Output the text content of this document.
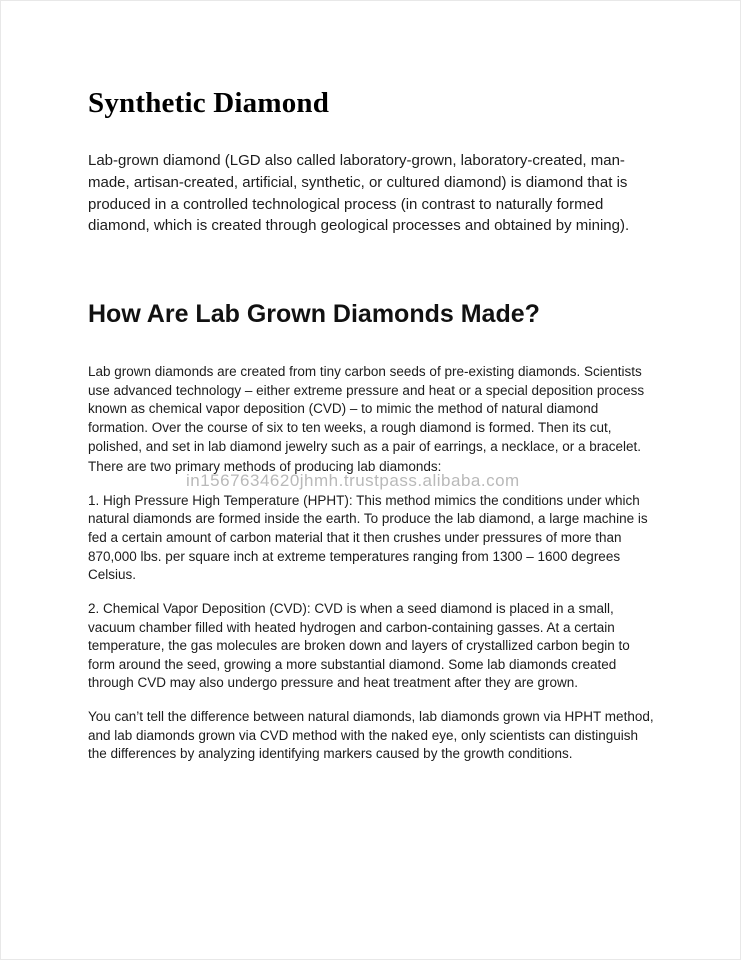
Synthetic Diamond

Lab-grown diamond (LGD also called laboratory-grown, laboratory-created, man-made, artisan-created, artificial, synthetic, or cultured diamond) is diamond that is produced in a controlled technological process (in contrast to naturally formed diamond, which is created through geological processes and obtained by mining).

How Are Lab Grown Diamonds Made?

Lab grown diamonds are created from tiny carbon seeds of pre-existing diamonds. Scientists use advanced technology – either extreme pressure and heat or a special deposition process known as chemical vapor deposition (CVD) – to mimic the method of natural diamond formation. Over the course of six to ten weeks, a rough diamond is formed. Then its cut, polished, and set in lab diamond jewelry such as a pair of earrings, a necklace, or a bracelet.

There are two primary methods of producing lab diamonds:

1. High Pressure High Temperature (HPHT): This method mimics the conditions under which natural diamonds are formed inside the earth. To produce the lab diamond, a large machine is fed a certain amount of carbon material that it then crushes under pressures of more than 870,000 lbs. per square inch at extreme temperatures ranging from 1300 – 1600 degrees Celsius.

2. Chemical Vapor Deposition (CVD): CVD is when a seed diamond is placed in a small, vacuum chamber filled with heated hydrogen and carbon-containing gasses. At a certain temperature, the gas molecules are broken down and layers of crystallized carbon begin to form around the seed, growing a more substantial diamond. Some lab diamonds created through CVD may also undergo pressure and heat treatment after they are grown.

You can’t tell the difference between natural diamonds, lab diamonds grown via HPHT method, and lab diamonds grown via CVD method with the naked eye, only scientists can distinguish the differences by analyzing identifying markers caused by the growth conditions.

in1567634620jhmh.trustpass.alibaba.com
